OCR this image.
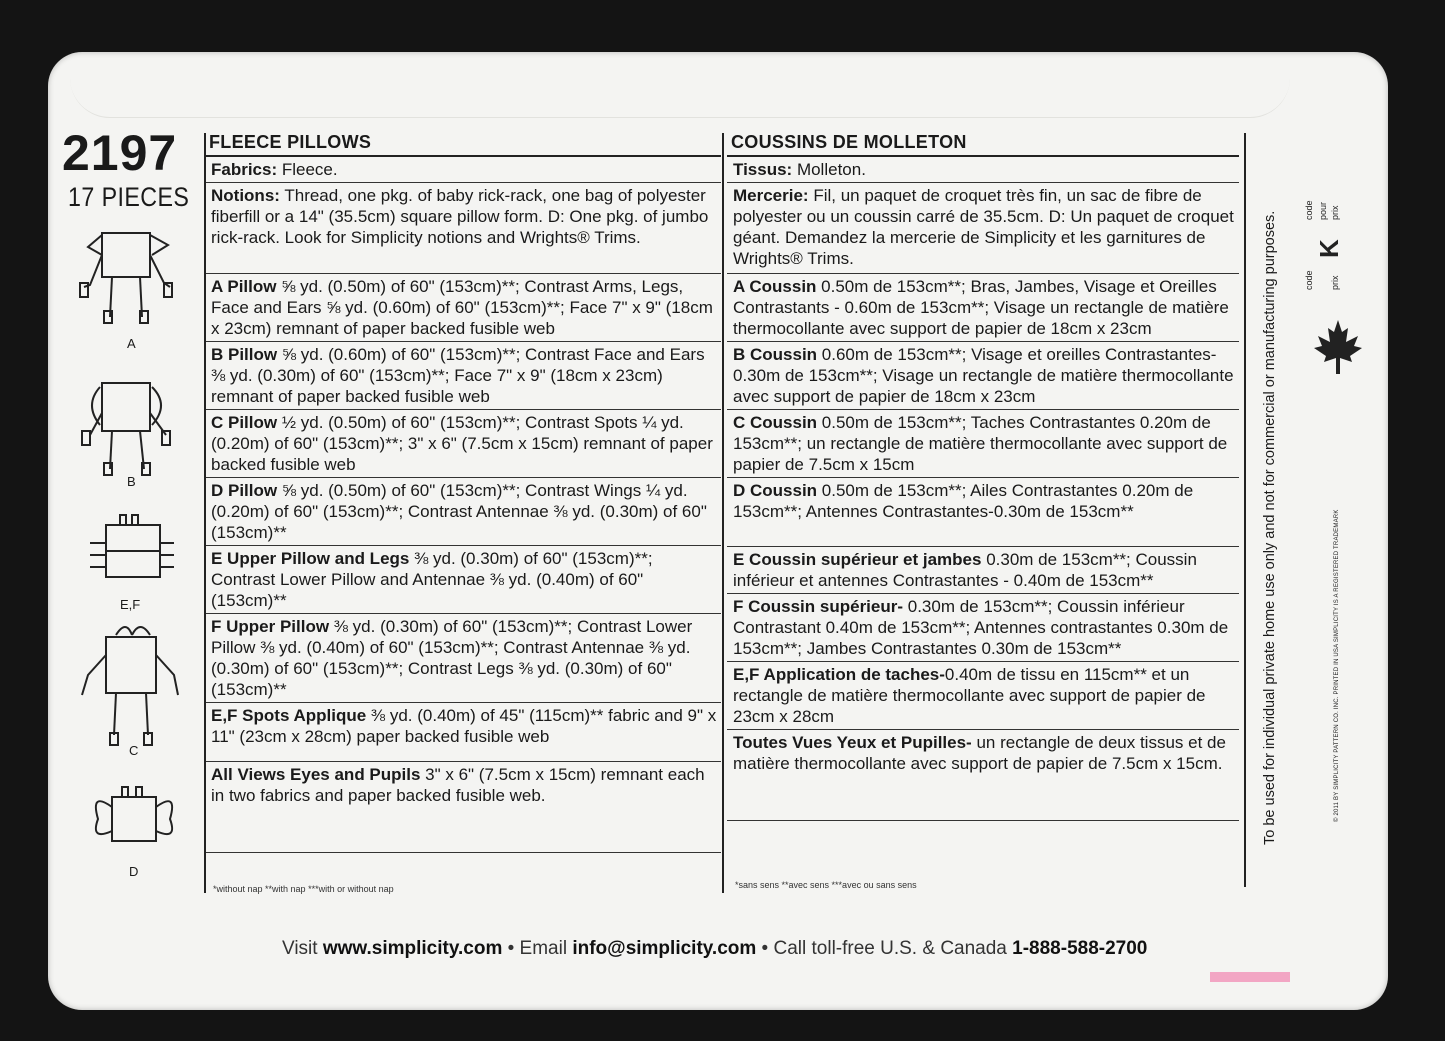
2197
17 PIECES
A
B
E,F
C
D
FLEECE PILLOWS
Fabrics: Fleece.
Notions: Thread, one pkg. of baby rick-rack, one bag of polyester fiberfill or a 14" (35.5cm) square pillow form. D: One pkg. of jumbo rick-rack. Look for Simplicity notions and Wrights® Trims.
A Pillow ⅝ yd. (0.50m) of 60" (153cm)**; Contrast Arms, Legs, Face and Ears ⅝ yd. (0.60m) of 60" (153cm)**; Face 7" x 9" (18cm x 23cm) remnant of paper backed fusible web
B Pillow ⅝ yd. (0.60m) of 60" (153cm)**; Contrast Face and Ears ⅜ yd. (0.30m) of 60" (153cm)**; Face 7" x 9" (18cm x 23cm) remnant of paper backed fusible web
C Pillow ½ yd. (0.50m) of 60" (153cm)**; Contrast Spots ¼ yd. (0.20m) of 60" (153cm)**; 3" x 6" (7.5cm x 15cm) remnant of paper backed fusible web
D Pillow ⅝ yd. (0.50m) of 60" (153cm)**; Contrast Wings ¼ yd. (0.20m) of 60" (153cm)**; Contrast Antennae ⅜ yd. (0.30m) of 60" (153cm)**
E Upper Pillow and Legs ⅜ yd. (0.30m) of 60" (153cm)**; Contrast Lower Pillow and Antennae ⅜ yd. (0.40m) of 60" (153cm)**
F Upper Pillow ⅜ yd. (0.30m) of 60" (153cm)**; Contrast Lower Pillow ⅜ yd. (0.40m) of 60" (153cm)**; Contrast Antennae ⅜ yd. (0.30m) of 60" (153cm)**; Contrast Legs ⅜ yd. (0.30m) of 60" (153cm)**
E,F Spots Applique ⅜ yd. (0.40m) of 45" (115cm)** fabric and 9" x 11" (23cm x 28cm) paper backed fusible web
All Views Eyes and Pupils 3" x 6" (7.5cm x 15cm) remnant each in two fabrics and paper backed fusible web.
*without nap **with nap ***with or without nap
COUSSINS DE MOLLETON
Tissus: Molleton.
Mercerie: Fil, un paquet de croquet très fin, un sac de fibre de polyester ou un coussin carré de 35.5cm. D: Un paquet de croquet géant. Demandez la mercerie de Simplicity et les garnitures de Wrights® Trims.
A Coussin 0.50m de 153cm**; Bras, Jambes, Visage et Oreilles Contrastants - 0.60m de 153cm**; Visage un rectangle de matière thermocollante avec support de papier de 18cm x 23cm
B Coussin 0.60m de 153cm**; Visage et oreilles Contrastantes- 0.30m de 153cm**; Visage un rectangle de matière thermocollante avec support de papier de 18cm x 23cm
C Coussin 0.50m de 153cm**; Taches Contrastantes 0.20m de 153cm**; un rectangle de matière thermocollante avec support de papier de 7.5cm x 15cm
D Coussin 0.50m de 153cm**; Ailes Contrastantes 0.20m de 153cm**; Antennes Contrastantes-0.30m de 153cm**
E Coussin supérieur et jambes 0.30m de 153cm**; Coussin inférieur et antennes Contrastantes - 0.40m de 153cm**
F Coussin supérieur- 0.30m de 153cm**; Coussin inférieur Contrastant 0.40m de 153cm**; Antennes contrastantes 0.30m de 153cm**; Jambes Contrastantes 0.30m de 153cm**
E,F Application de taches-0.40m de tissu en 115cm** et un rectangle de matière thermocollante avec support de papier de 23cm x 28cm
Toutes Vues Yeux et Pupilles- un rectangle de deux tissus et de matière thermocollante avec support de papier de 7.5cm x 15cm.
*sans sens **avec sens ***avec ou sans sens
To be used for individual private home use only and not for commercial or manufacturing purposes.	© 2011 BY SIMPLICITY PATTERN CO. INC. PRINTED IN USA SIMPLICITY IS A REGISTERED TRADEMARK
code prix
K
code pour prix
Visit www.simplicity.com • Email info@simplicity.com • Call toll-free U.S. & Canada 1-888-588-2700
